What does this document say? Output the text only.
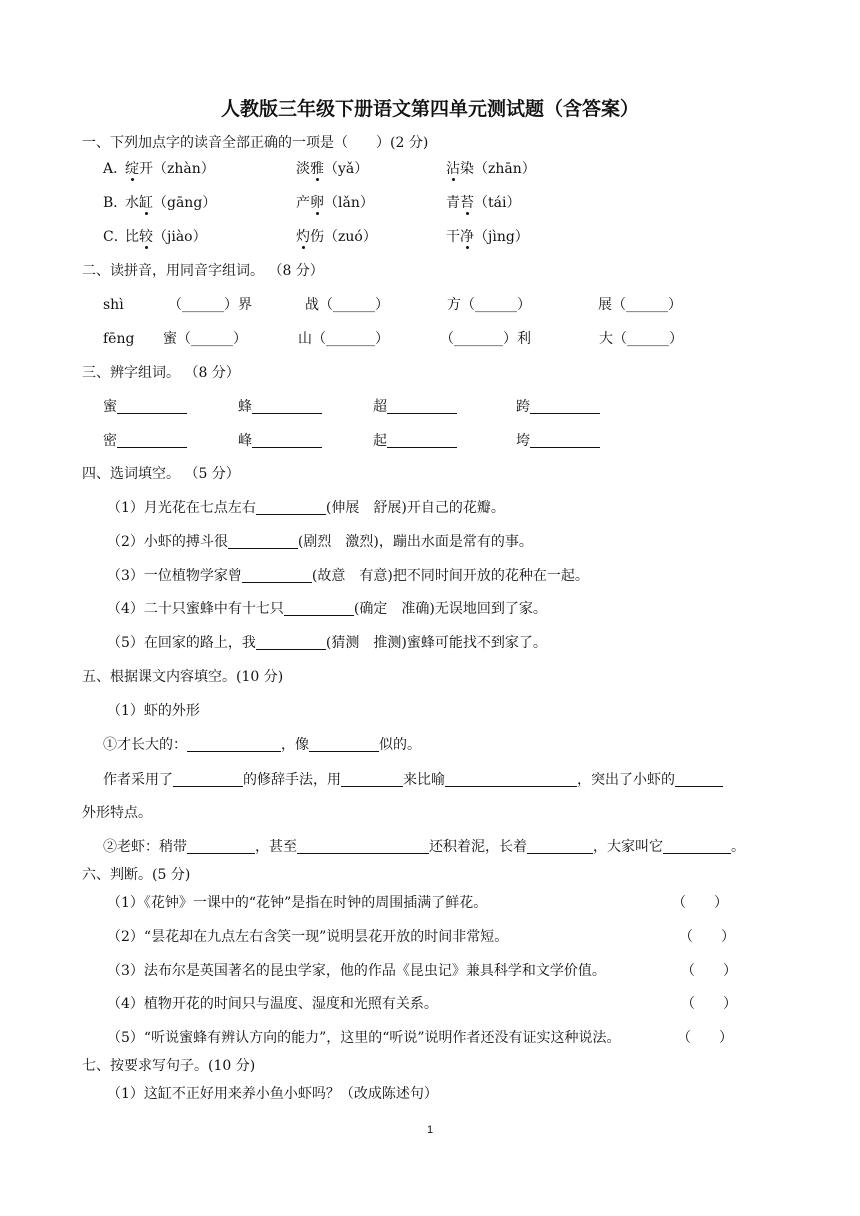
人教版三年级下册语文第四单元测试题（含答案）
一、下列加点字的读音全部正确的一项是（　　）(2 分)
A．
绽开（zhàn）	淡雅（yǎ）	沾染（zhān）
B．
水缸（gāng）	产卵（lǎn）	青苔（tái）
C．
比较（jiào）	灼伤（zuó）	干净（jìng）
二、读拼音，用同音字组词。 （8 分）
shì	（______）界	战（______）	方（______）	展（______）
fēng 蜜（______）	山（_______）	（_______）利	大（______）
三、辨字组词。 （8 分）
蜜	蜂	超	跨
密	峰	起	垮
四、选词填空。 （5 分）
（1）月光花在七点左右	(伸展　舒展)开自己的花瓣。
（2）小虾的搏斗很	(剧烈　激烈)，蹦出水面是常有的事。
（3）一位植物学家曾	(故意　有意)把不同时间开放的花种在一起。
（4）二十只蜜蜂中有十七只	(确定　准确)无误地回到了家。
（5）在回家的路上，我	(猜测　推测)蜜蜂可能找不到家了。
五、根据课文内容填空。(10 分)
（1）虾的外形
①才长大的：	，像	似的。
作者采用了	的修辞手法，用	来比喻	，突出了小虾的
外形特点。
②老虾：稍带	，甚至	还积着泥，长着	，大家叫它	。
六、判断。(5 分)
（1）《花钟》一课中的“花钟”是指在时钟的周围插满了鲜花。	（　　）
（2）“昙花却在九点左右含笑一现”说明昙花开放的时间非常短。	（　　）
（3）法布尔是英国著名的昆虫学家，他的作品《昆虫记》兼具科学和文学价值。	（　　）
（4）植物开花的时间只与温度、湿度和光照有关系。	（　　）
（5）“听说蜜蜂有辨认方向的能力”，这里的“听说”说明作者还没有证实这种说法。	（　　）
七、按要求写句子。(10 分)
（1）这缸不正好用来养小鱼小虾吗？（改成陈述句）
1
